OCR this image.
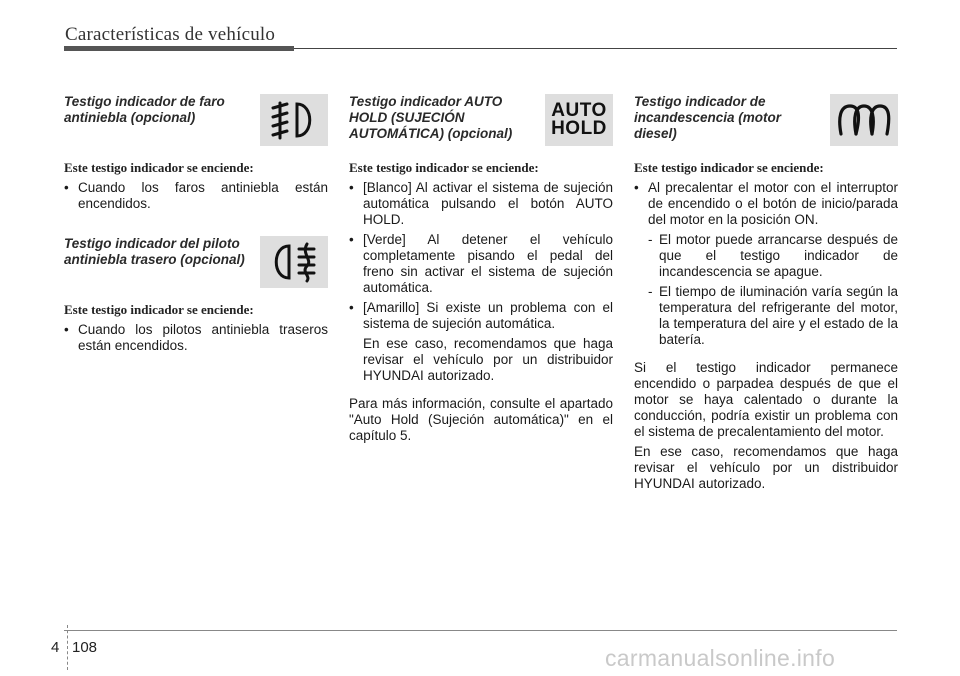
Características de vehículo
Testigo indicador de faro antiniebla (opcional)
Este testigo indicador se enciende:
• Cuando los faros antiniebla están encendidos.
Testigo indicador del piloto antiniebla trasero (opcional)
Este testigo indicador se enciende:
• Cuando los pilotos antiniebla traseros están encendidos.
Testigo indicador AUTO HOLD (SUJECIÓN AUTOMÁTICA) (opcional)
AUTO
HOLD
Este testigo indicador se enciende:
• [Blanco] Al activar el sistema de sujeción automática pulsando el botón AUTO HOLD.
• [Verde] Al detener el vehículo completamente pisando el pedal del freno sin activar el sistema de sujeción automática.
• [Amarillo] Si existe un problema con el sistema de sujeción automática.
En ese caso, recomendamos que haga revisar el vehículo por un distribuidor HYUNDAI autorizado.
Para más información, consulte el apartado "Auto Hold (Sujeción automática)" en el capítulo 5.
Testigo indicador de incandescencia (motor diesel)
Este testigo indicador se enciende:
• Al precalentar el motor con el interruptor de encendido o el botón de inicio/parada del motor en la posición ON.
- El motor puede arrancarse después de que el testigo indicador de incandescencia se apague.
- El tiempo de iluminación varía según la temperatura del refrigerante del motor, la temperatura del aire y el estado de la batería.
Si el testigo indicador permanece encendido o parpadea después de que el motor se haya calentado o durante la conducción, podría existir un problema con el sistema de precalentamiento del motor.
En ese caso, recomendamos que haga revisar el vehículo por un distribuidor HYUNDAI autorizado.
4 108	carmanualsonline.info
